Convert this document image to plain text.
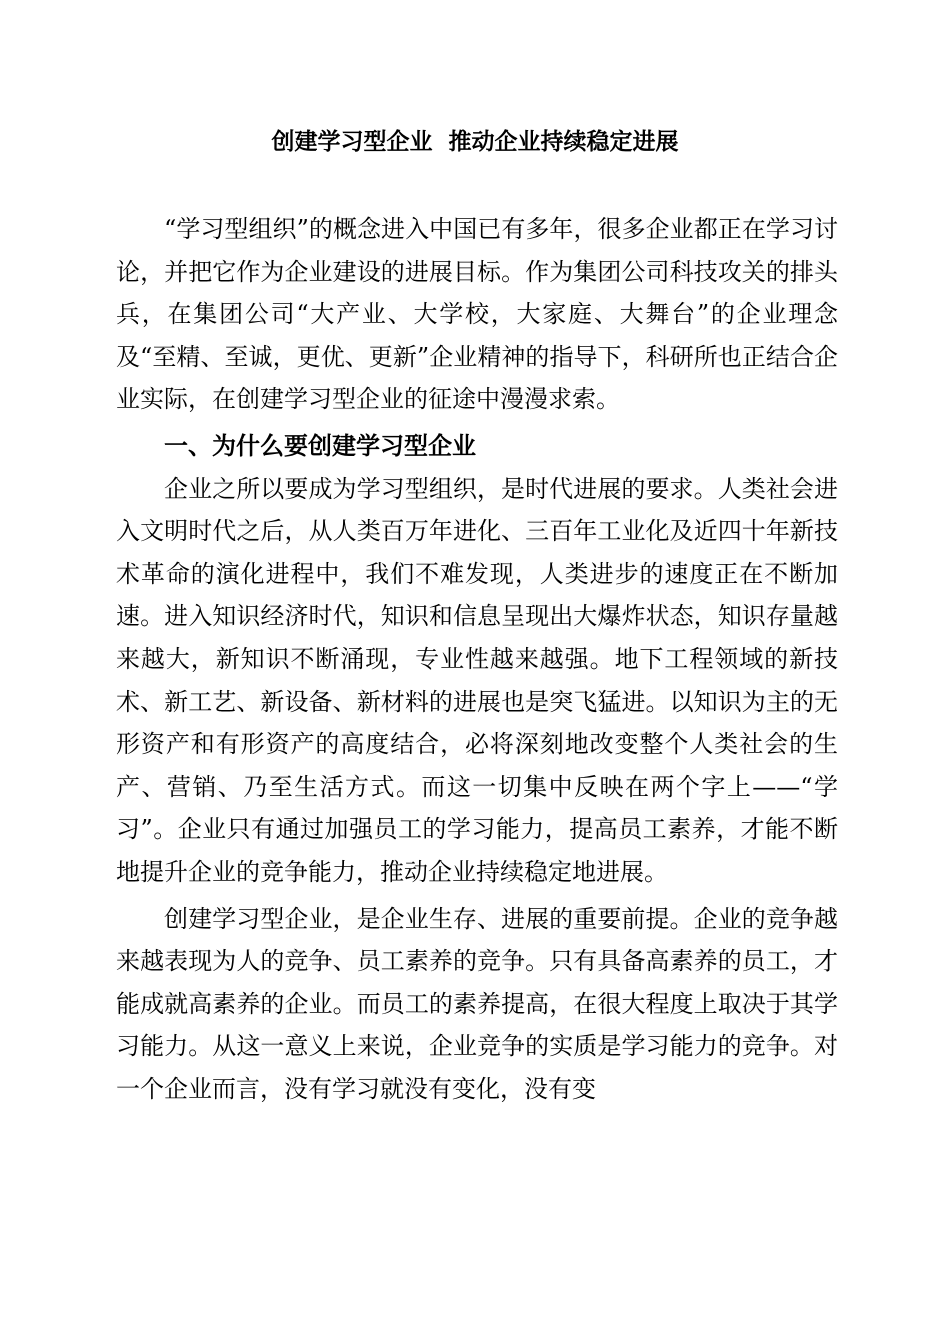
创建学习型企业  推动企业持续稳定进展

“学习型组织”的概念进入中国已有多年，很多企业都正在学习讨论，并把它作为企业建设的进展目标。作为集团公司科技攻关的排头兵，在集团公司“大产业、大学校，大家庭、大舞台”的企业理念及“至精、至诚，更优、更新”企业精神的指导下，科研所也正结合企业实际，在创建学习型企业的征途中漫漫求索。

一、为什么要创建学习型企业

企业之所以要成为学习型组织，是时代进展的要求。人类社会进入文明时代之后，从人类百万年进化、三百年工业化及近四十年新技术革命的演化进程中，我们不难发现，人类进步的速度正在不断加速。进入知识经济时代，知识和信息呈现出大爆炸状态，知识存量越来越大，新知识不断涌现，专业性越来越强。地下工程领域的新技术、新工艺、新设备、新材料的进展也是突飞猛进。以知识为主的无形资产和有形资产的高度结合，必将深刻地改变整个人类社会的生产、营销、乃至生活方式。而这一切集中反映在两个字上——“学习”。企业只有通过加强员工的学习能力，提高员工素养，才能不断地提升企业的竞争能力，推动企业持续稳定地进展。

创建学习型企业，是企业生存、进展的重要前提。企业的竞争越来越表现为人的竞争、员工素养的竞争。只有具备高素养的员工，才能成就高素养的企业。而员工的素养提高，在很大程度上取决于其学习能力。从这一意义上来说，企业竞争的实质是学习能力的竞争。对一个企业而言，没有学习就没有变化，没有变
